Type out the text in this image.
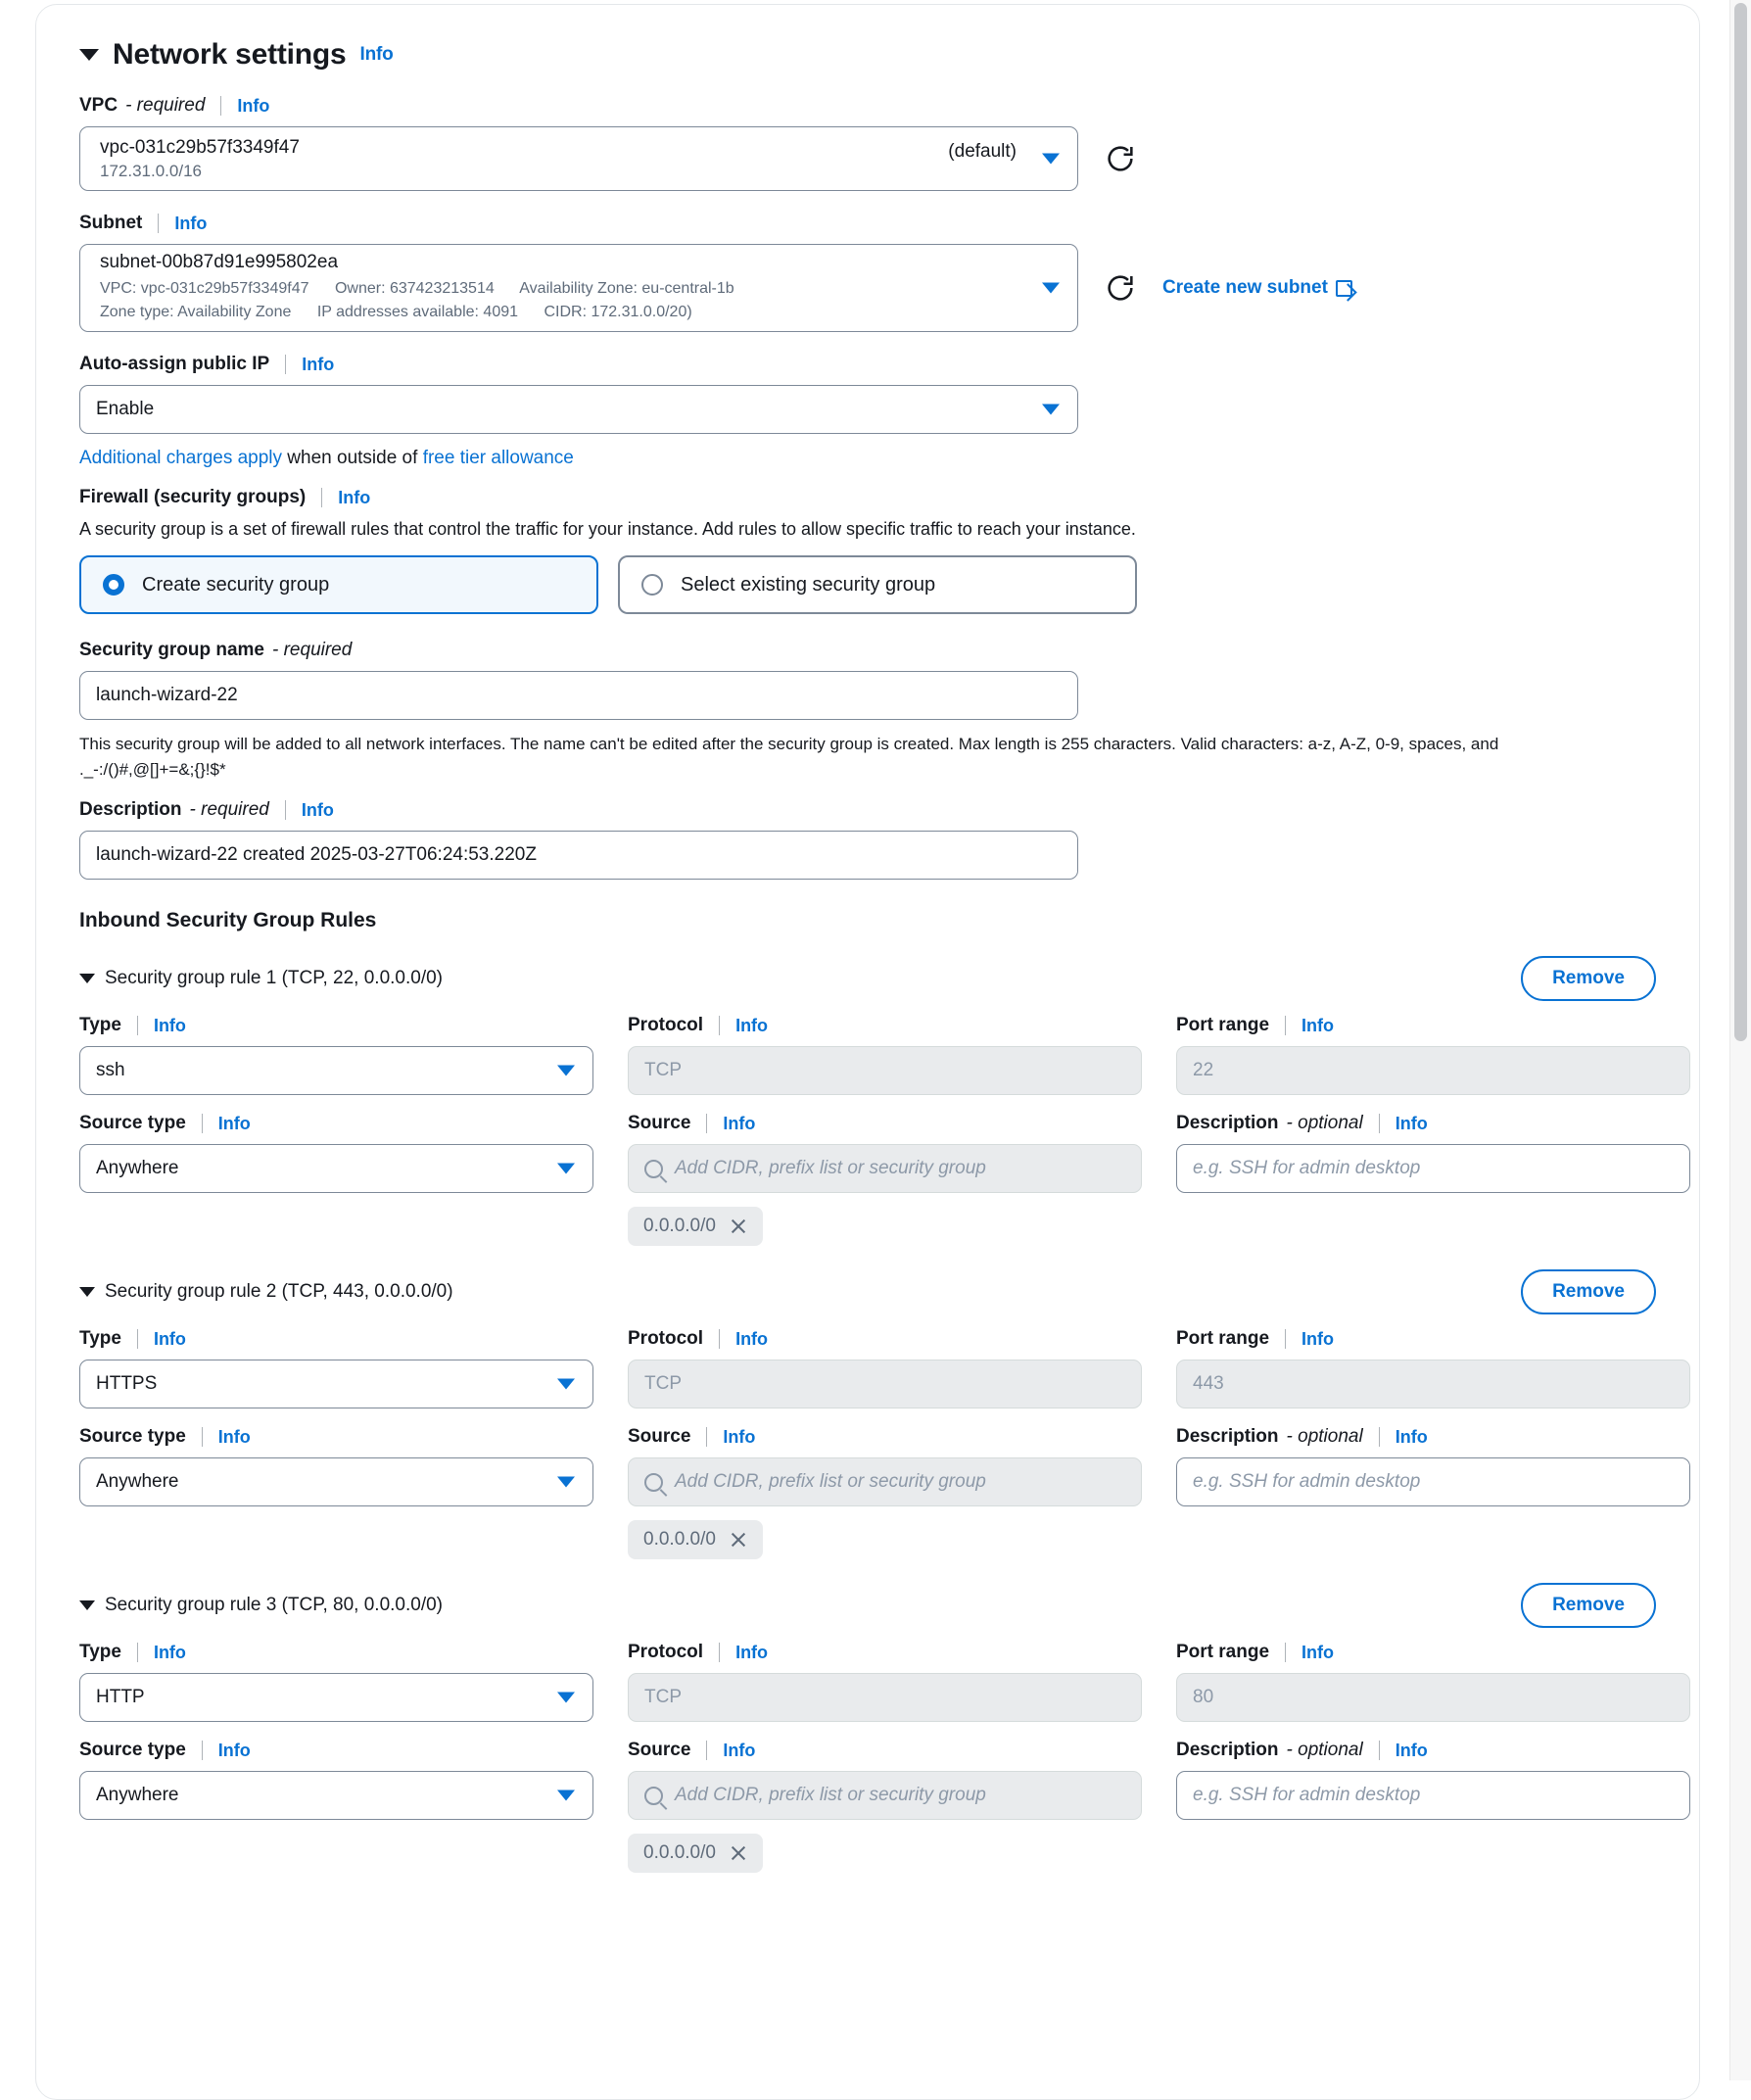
Network settings Info
VPC - required Info
vpc-031c29b57f3349f47
172.31.0.0/16
(default)
Subnet Info
subnet-00b87d91e995802ea
VPC: vpc-031c29b57f3349f47 Owner: 637423213514 Availability Zone: eu-central-1b
Zone type: Availability Zone IP addresses available: 4091 CIDR: 172.31.0.0/20)
Create new subnet
Auto-assign public IP Info
Enable
Additional charges apply when outside of free tier allowance
Firewall (security groups) Info
A security group is a set of firewall rules that control the traffic for your instance. Add rules to allow specific traffic to reach your instance.
Create security group	Select existing security group
Security group name - required
launch-wizard-22
This security group will be added to all network interfaces. The name can't be edited after the security group is created. Max length is 255 characters. Valid characters: a-z, A-Z, 0-9, spaces, and ._-:/()#,@[]+=&;{}!$*
Description - required Info
launch-wizard-22 created 2025-03-27T06:24:53.220Z
Inbound Security Group Rules
Security group rule 1 (TCP, 22, 0.0.0.0/0)	Remove
Type Info
ssh
Protocol Info
TCP
Port range Info
22
Source type Info
Anywhere
Source Info
Add CIDR, prefix list or security group
0.0.0.0/0
Description - optional Info
e.g. SSH for admin desktop
Security group rule 2 (TCP, 443, 0.0.0.0/0)	Remove
Type Info
HTTPS
Protocol Info
TCP
Port range Info
443
Source type Info
Anywhere
Source Info
Add CIDR, prefix list or security group
0.0.0.0/0
Description - optional Info
e.g. SSH for admin desktop
Security group rule 3 (TCP, 80, 0.0.0.0/0)	Remove
Type Info
HTTP
Protocol Info
TCP
Port range Info
80
Source type Info
Anywhere
Source Info
Add CIDR, prefix list or security group
0.0.0.0/0
Description - optional Info
e.g. SSH for admin desktop
